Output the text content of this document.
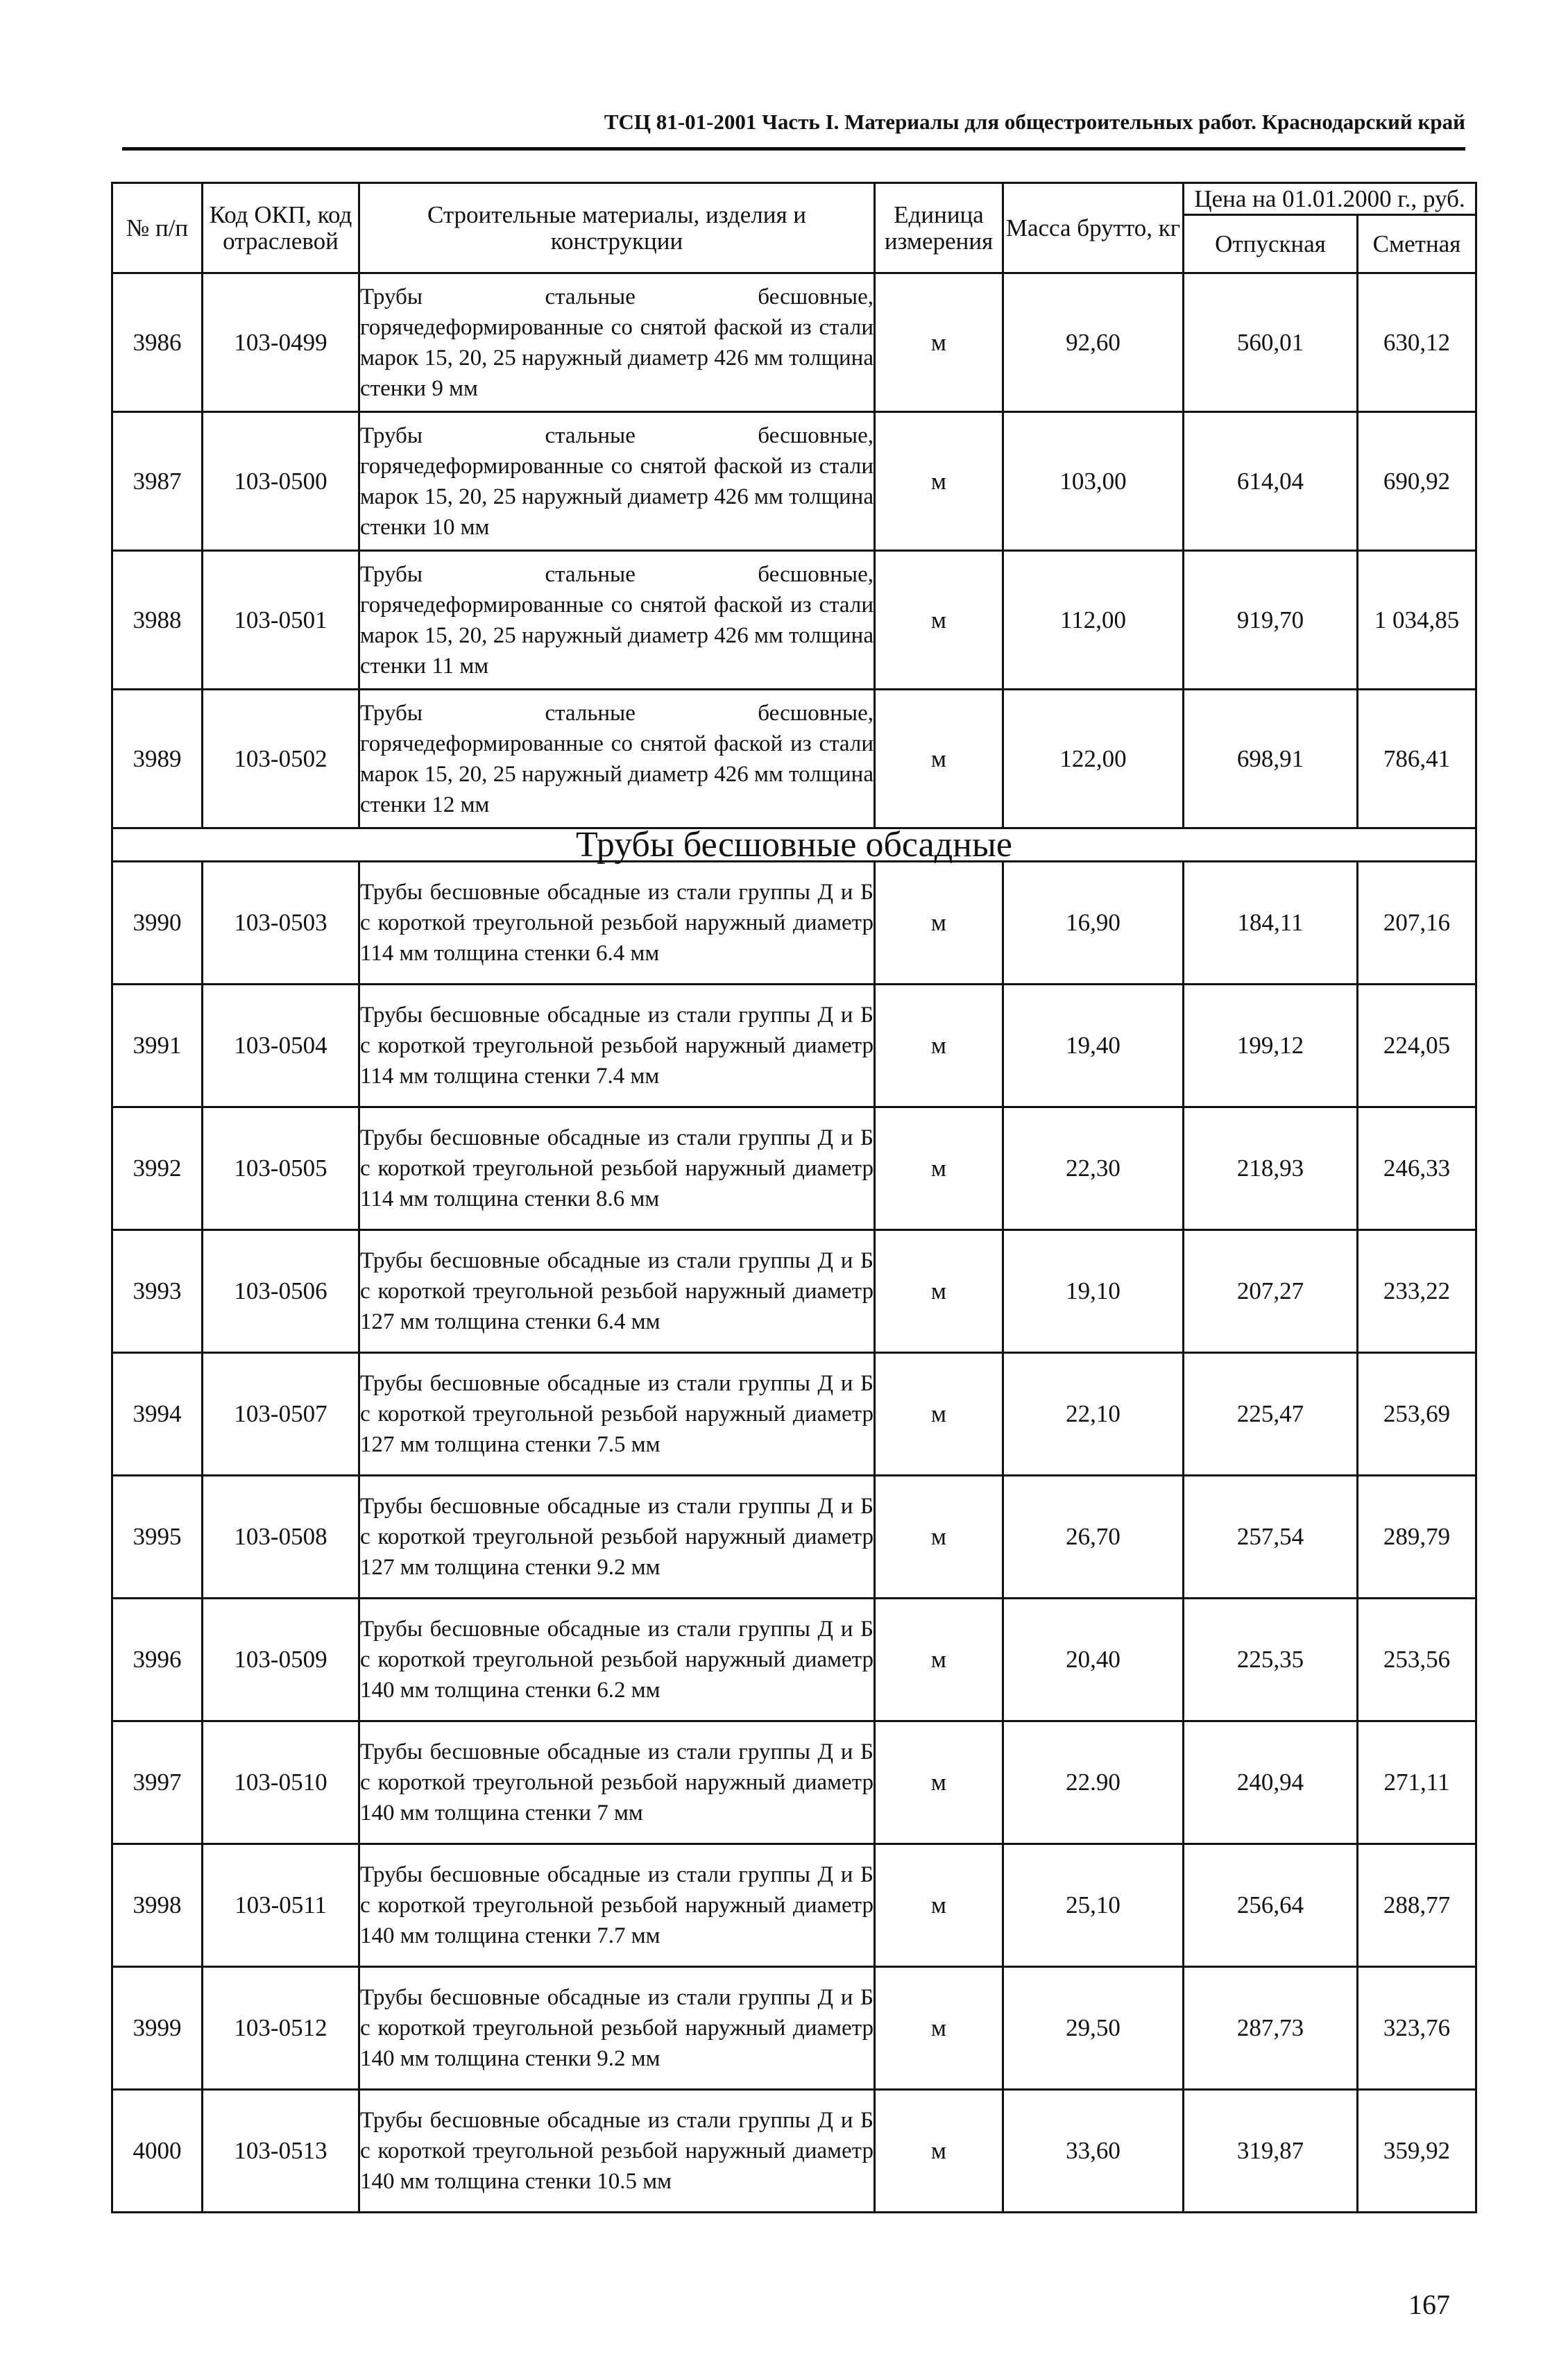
ТСЦ 81-01-2001 Часть I. Материалы для общестроительных работ. Краснодарский край
№ п/п	Код ОКП, код отраслевой	Строительные материалы, изделия и конструкции	Единица измерения	Масса брутто, кг	Цена на 01.01.2000 г., руб.	
					Отпускная	Сметная
3986	103-0499	Трубы стальные бесшовные, горячедеформированные со снятой фаской из стали марок 15, 20, 25 наружный диаметр 426 мм толщина стенки 9 мм	м	92,60	560,01	630,12
3987	103-0500	Трубы стальные бесшовные, горячедеформированные со снятой фаской из стали марок 15, 20, 25 наружный диаметр 426 мм толщина стенки 10 мм	м	103,00	614,04	690,92
3988	103-0501	Трубы стальные бесшовные, горячедеформированные со снятой фаской из стали марок 15, 20, 25 наружный диаметр 426 мм толщина стенки 11 мм	м	112,00	919,70	1 034,85
3989	103-0502	Трубы стальные бесшовные, горячедеформированные со снятой фаской из стали марок 15, 20, 25 наружный диаметр 426 мм толщина стенки 12 мм	м	122,00	698,91	786,41
Трубы бесшовные обсадные						
3990	103-0503	Трубы бесшовные обсадные из стали группы Д и Б с короткой треугольной резьбой наружный диаметр 114 мм толщина стенки 6.4 мм	м	16,90	184,11	207,16
3991	103-0504	Трубы бесшовные обсадные из стали группы Д и Б с короткой треугольной резьбой наружный диаметр 114 мм толщина стенки 7.4 мм	м	19,40	199,12	224,05
3992	103-0505	Трубы бесшовные обсадные из стали группы Д и Б с короткой треугольной резьбой наружный диаметр 114 мм толщина стенки 8.6 мм	м	22,30	218,93	246,33
3993	103-0506	Трубы бесшовные обсадные из стали группы Д и Б с короткой треугольной резьбой наружный диаметр 127 мм толщина стенки 6.4 мм	м	19,10	207,27	233,22
3994	103-0507	Трубы бесшовные обсадные из стали группы Д и Б с короткой треугольной резьбой наружный диаметр 127 мм толщина стенки 7.5 мм	м	22,10	225,47	253,69
3995	103-0508	Трубы бесшовные обсадные из стали группы Д и Б с короткой треугольной резьбой наружный диаметр 127 мм толщина стенки 9.2 мм	м	26,70	257,54	289,79
3996	103-0509	Трубы бесшовные обсадные из стали группы Д и Б с короткой треугольной резьбой наружный диаметр 140 мм толщина стенки 6.2 мм	м	20,40	225,35	253,56
3997	103-0510	Трубы бесшовные обсадные из стали группы Д и Б с короткой треугольной резьбой наружный диаметр 140 мм толщина стенки 7 мм	м	22.90	240,94	271,11
3998	103-0511	Трубы бесшовные обсадные из стали группы Д и Б с короткой треугольной резьбой наружный диаметр 140 мм толщина стенки 7.7 мм	м	25,10	256,64	288,77
3999	103-0512	Трубы бесшовные обсадные из стали группы Д и Б с короткой треугольной резьбой наружный диаметр 140 мм толщина стенки 9.2 мм	м	29,50	287,73	323,76
4000	103-0513	Трубы бесшовные обсадные из стали группы Д и Б с короткой треугольной резьбой наружный диаметр 140 мм толщина стенки 10.5 мм	м	33,60	319,87	359,92
167
